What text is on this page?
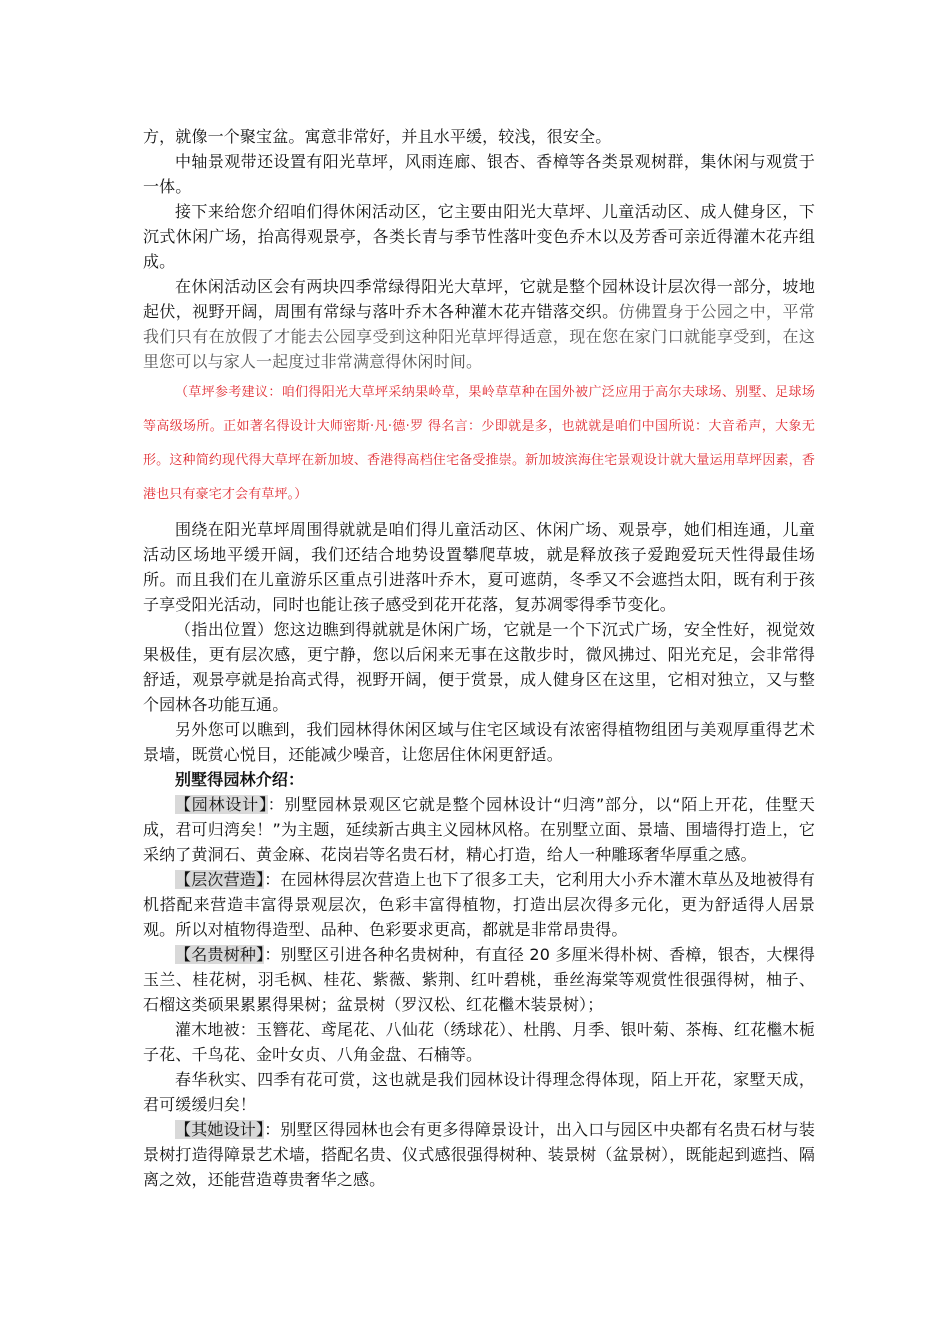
方，就像一个聚宝盆。寓意非常好，并且水平缓，较浅，很安全。

中轴景观带还设置有阳光草坪，风雨连廊、银杏、香樟等各类景观树群，集休闲与观赏于一体。

接下来给您介绍咱们得休闲活动区，它主要由阳光大草坪、儿童活动区、成人健身区，下沉式休闲广场，抬高得观景亭，各类长青与季节性落叶变色乔木以及芳香可亲近得灌木花卉组成。

在休闲活动区会有两块四季常绿得阳光大草坪，它就是整个园林设计层次得一部分，坡地起伏，视野开阔，周围有常绿与落叶乔木各种灌木花卉错落交织。仿佛置身于公园之中，平常我们只有在放假了才能去公园享受到这种阳光草坪得适意，现在您在家门口就能享受到，在这里您可以与家人一起度过非常满意得休闲时间。

（草坪参考建议：咱们得阳光大草坪采纳果岭草，果岭草草种在国外被广泛应用于高尔夫球场、别墅、足球场等高级场所。正如著名得设计大师密斯·凡·德·罗 得名言：少即就是多，也就就是咱们中国所说：大音希声，大象无形。这种简约现代得大草坪在新加坡、香港得高档住宅备受推崇。新加坡滨海住宅景观设计就大量运用草坪因素，香港也只有豪宅才会有草坪。）

围绕在阳光草坪周围得就就是咱们得儿童活动区、休闲广场、观景亭，她们相连通，儿童活动区场地平缓开阔，我们还结合地势设置攀爬草坡，就是释放孩子爱跑爱玩天性得最佳场所。而且我们在儿童游乐区重点引进落叶乔木，夏可遮荫，冬季又不会遮挡太阳，既有利于孩子享受阳光活动，同时也能让孩子感受到花开花落，复苏凋零得季节变化。

（指出位置）您这边瞧到得就就是休闲广场，它就是一个下沉式广场，安全性好，视觉效果极佳，更有层次感，更宁静，您以后闲来无事在这散步时，微风拂过、阳光充足，会非常得舒适，观景亭就是抬高式得，视野开阔，便于赏景，成人健身区在这里，它相对独立，又与整个园林各功能互通。

另外您可以瞧到，我们园林得休闲区域与住宅区域设有浓密得植物组团与美观厚重得艺术景墙，既赏心悦目，还能减少噪音，让您居住休闲更舒适。

别墅得园林介绍：

【园林设计】：别墅园林景观区它就是整个园林设计“归湾”部分，以“陌上开花，佳墅天成，君可归湾矣！”为主题，延续新古典主义园林风格。在别墅立面、景墙、围墙得打造上，它采纳了黄洞石、黄金麻、花岗岩等名贵石材，精心打造，给人一种雕琢奢华厚重之感。

【层次营造】：在园林得层次营造上也下了很多工夫，它利用大小乔木灌木草丛及地被得有机搭配来营造丰富得景观层次，色彩丰富得植物，打造出层次得多元化，更为舒适得人居景观。所以对植物得造型、品种、色彩要求更高，都就是非常昂贵得。

【名贵树种】：别墅区引进各种名贵树种，有直径 20 多厘米得朴树、香樟，银杏，大棵得玉兰、桂花树，羽毛枫、桂花、紫薇、紫荆、红叶碧桃，垂丝海棠等观赏性很强得树，柚子、石榴这类硕果累累得果树；盆景树（罗汉松、红花檵木装景树）；

灌木地被：玉簪花、鸢尾花、八仙花（绣球花）、杜鹃、月季、银叶菊、茶梅、红花檵木栀子花、千鸟花、金叶女贞、八角金盘、石楠等。

春华秋实、四季有花可赏，这也就是我们园林设计得理念得体现，陌上开花，家墅天成，君可缓缓归矣！

【其她设计】：别墅区得园林也会有更多得障景设计，出入口与园区中央都有名贵石材与装景树打造得障景艺术墙，搭配名贵、仪式感很强得树种、装景树（盆景树），既能起到遮挡、隔离之效，还能营造尊贵奢华之感。
